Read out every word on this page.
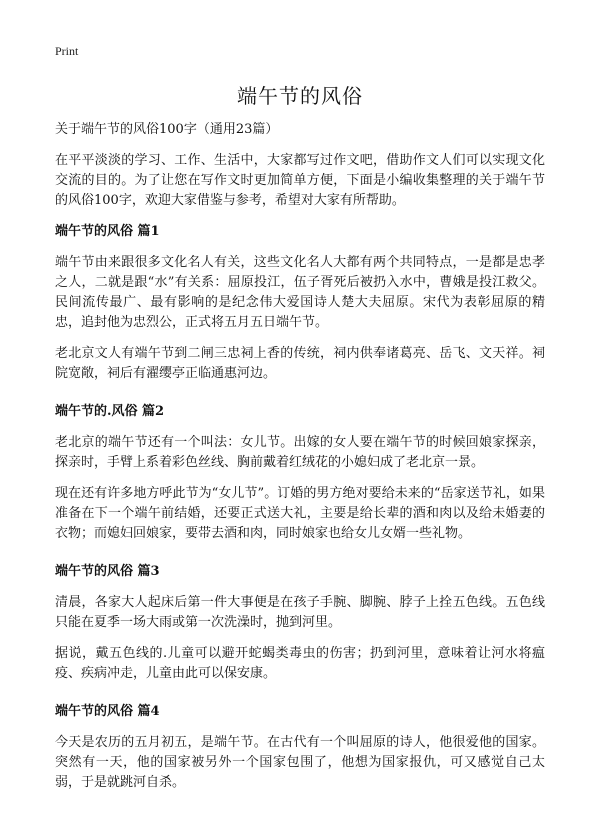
Print
端午节的风俗
关于端午节的风俗100字（通用23篇）

在平平淡淡的学习、工作、生活中，大家都写过作文吧，借助作文人们可以实现文化交流的目的。为了让您在写作文时更加简单方便，下面是小编收集整理的关于端午节的风俗100字，欢迎大家借鉴与参考，希望对大家有所帮助。

端午节的风俗 篇1

端午节由来跟很多文化名人有关，这些文化名人大都有两个共同特点，一是都是忠孝之人，二就是跟“水”有关系：屈原投江，伍子胥死后被扔入水中，曹娥是投江救父。民间流传最广、最有影响的是纪念伟大爱国诗人楚大夫屈原。宋代为表彰屈原的精忠，追封他为忠烈公，正式将五月五日端午节。

老北京文人有端午节到二闸三忠祠上香的传统，祠内供奉诸葛亮、岳飞、文天祥。祠院宽敞，祠后有濯缨亭正临通惠河边。

端午节的.风俗 篇2

老北京的端午节还有一个叫法：女儿节。出嫁的女人要在端午节的时候回娘家探亲，探亲时，手臂上系着彩色丝线、胸前戴着红绒花的小媳妇成了老北京一景。

现在还有许多地方呼此节为“女儿节”。订婚的男方绝对要给未来的“岳家送节礼，如果准备在下一个端午前结婚，还要正式送大礼，主要是给长辈的酒和肉以及给未婚妻的衣物；而媳妇回娘家，要带去酒和肉，同时娘家也给女儿女婿一些礼物。

端午节的风俗 篇3

清晨，各家大人起床后第一件大事便是在孩子手腕、脚腕、脖子上拴五色线。五色线只能在夏季一场大雨或第一次洗澡时，抛到河里。

据说，戴五色线的.儿童可以避开蛇蝎类毒虫的伤害；扔到河里，意味着让河水将瘟疫、疾病冲走，儿童由此可以保安康。

端午节的风俗 篇4

今天是农历的五月初五，是端午节。在古代有一个叫屈原的诗人，他很爱他的国家。突然有一天，他的国家被另外一个国家包围了，他想为国家报仇，可又感觉自己太弱，于是就跳河自杀。
